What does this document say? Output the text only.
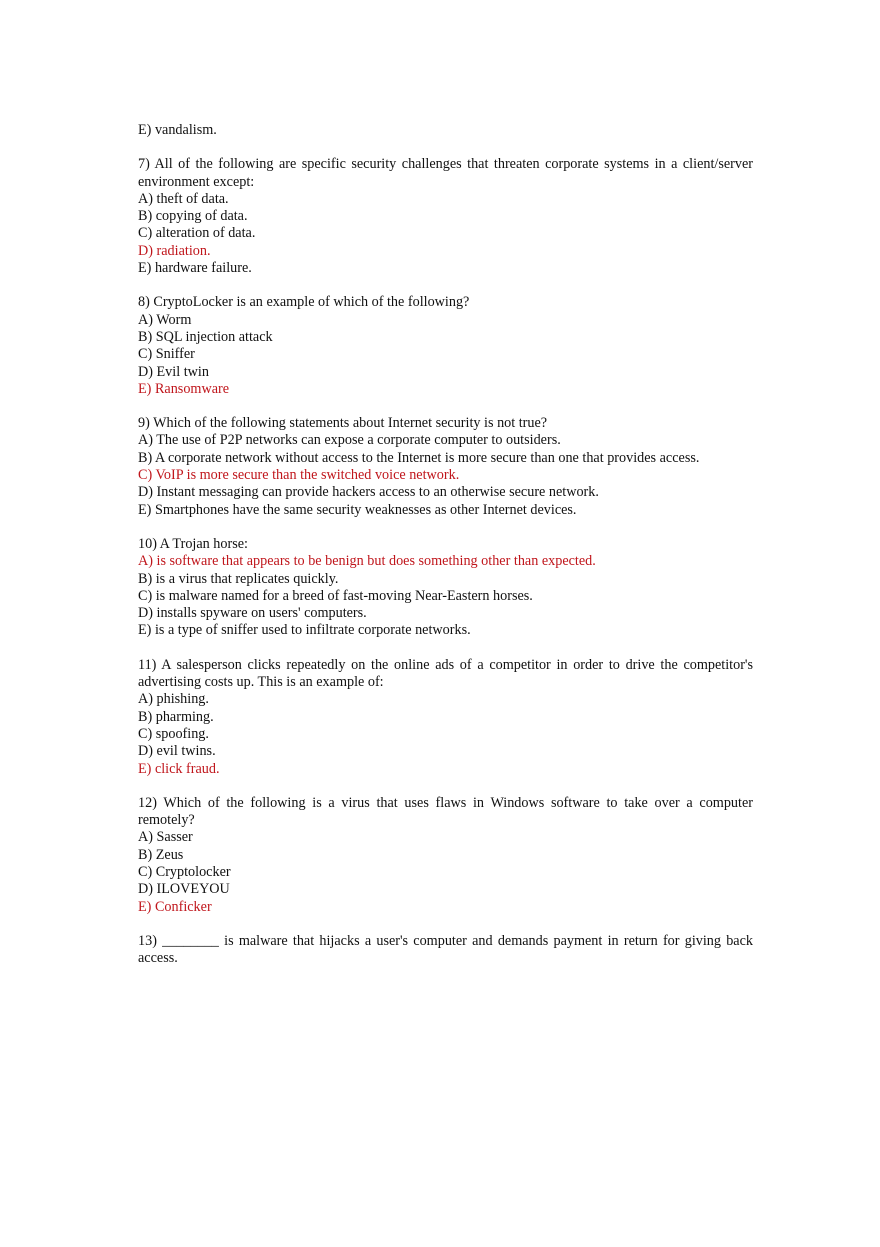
E) vandalism.
7) All of the following are specific security challenges that threaten corporate systems in a client/server environment except:
A) theft of data.
B) copying of data.
C) alteration of data.
D) radiation.
E) hardware failure.
8) CryptoLocker is an example of which of the following?
A) Worm
B) SQL injection attack
C) Sniffer
D) Evil twin
E) Ransomware
9) Which of the following statements about Internet security is not true?
A) The use of P2P networks can expose a corporate computer to outsiders.
B) A corporate network without access to the Internet is more secure than one that provides access.
C) VoIP is more secure than the switched voice network.
D) Instant messaging can provide hackers access to an otherwise secure network.
E) Smartphones have the same security weaknesses as other Internet devices.
10) A Trojan horse:
A) is software that appears to be benign but does something other than expected.
B) is a virus that replicates quickly.
C) is malware named for a breed of fast-moving Near-Eastern horses.
D) installs spyware on users' computers.
E) is a type of sniffer used to infiltrate corporate networks.
11) A salesperson clicks repeatedly on the online ads of a competitor in order to drive the competitor's advertising costs up. This is an example of:
A) phishing.
B) pharming.
C) spoofing.
D) evil twins.
E) click fraud.
12) Which of the following is a virus that uses flaws in Windows software to take over a computer remotely?
A) Sasser
B) Zeus
C) Cryptolocker
D) ILOVEYOU
E) Conficker
13) ________ is malware that hijacks a user's computer and demands payment in return for giving back access.
